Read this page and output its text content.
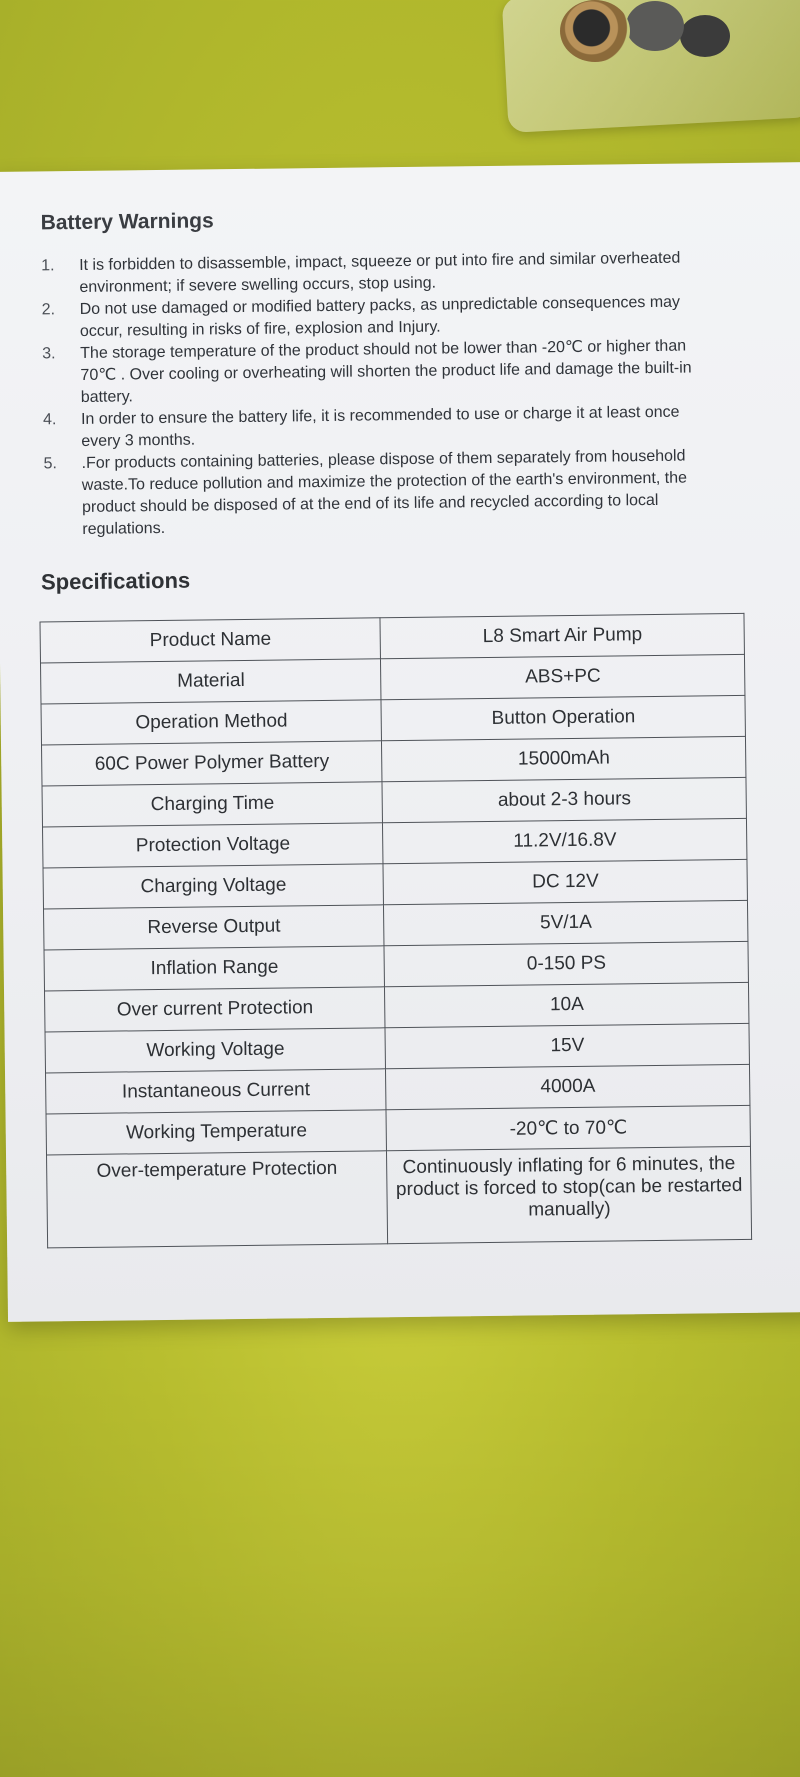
Battery Warnings
1.	It is forbidden to disassemble, impact, squeeze or put into fire and similar overheated environment; if severe swelling occurs, stop using.
2.	Do not use damaged or modified battery packs, as unpredictable consequences may occur, resulting in risks of fire, explosion and Injury.
3.	The storage temperature of the product should not be lower than -20℃ or higher than 70℃ . Over cooling or overheating will shorten the product life and damage the built-in battery.
4.	In order to ensure the battery life, it is recommended to use or charge it at least once every 3 months.
5.	.For products containing batteries, please dispose of them separately from household waste.To reduce pollution and maximize the protection of the earth's environment, the product should be disposed of at the end of its life and recycled according to local regulations.
Specifications
Product Name	L8 Smart Air Pump
Material	ABS+PC
Operation Method	Button Operation
60C Power Polymer Battery	15000mAh
Charging Time	about 2-3 hours
Protection Voltage	11.2V/16.8V
Charging Voltage	DC 12V
Reverse Output	5V/1A
Inflation Range	0-150 PS
Over current Protection	10A
Working Voltage	15V
Instantaneous Current	4000A
Working Temperature	-20℃ to 70℃
Over-temperature Protection	Continuously inflating for 6 minutes, the product is forced to stop(can be restarted manually)
